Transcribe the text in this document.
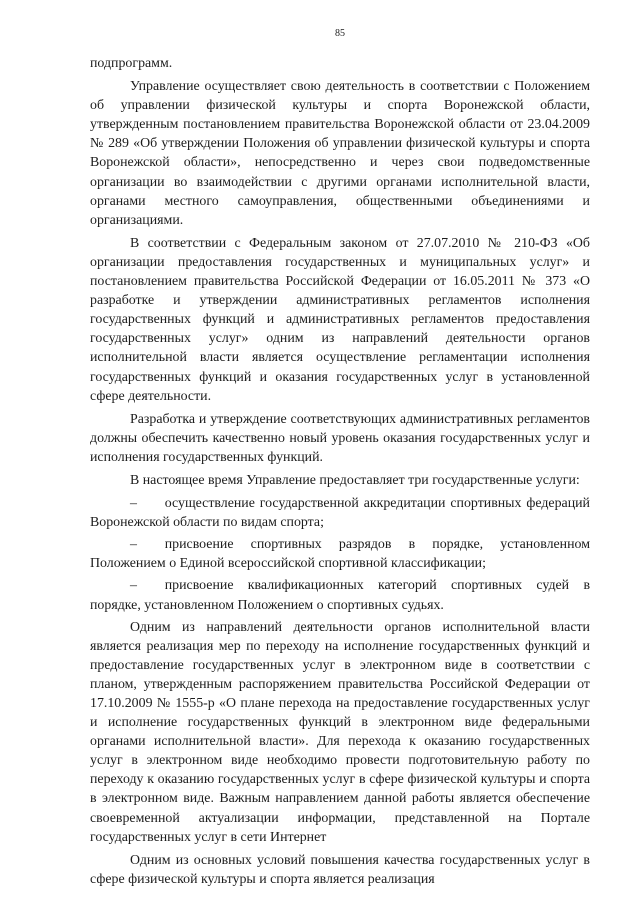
85

подпрограмм.

Управление осуществляет свою деятельность в соответствии с Положением об управлении физической культуры и спорта Воронежской области, утвержденным постановлением правительства Воронежской области от 23.04.2009 № 289 «Об утверждении Положения об управлении физической культуры и спорта Воронежской области», непосредственно и через свои подведомственные организации во взаимодействии с другими органами исполнительной власти, органами местного самоуправления, общественными объединениями и организациями.

В соответствии с Федеральным законом от 27.07.2010 № 210-ФЗ «Об организации предоставления государственных и муниципальных услуг» и постановлением правительства Российской Федерации от 16.05.2011 № 373 «О разработке и утверждении административных регламентов исполнения государственных функций и административных регламентов предоставления государственных услуг» одним из направлений деятельности органов исполнительной власти является осуществление регламентации исполнения государственных функций и оказания государственных услуг в установленной сфере деятельности.

Разработка и утверждение соответствующих административных регламентов должны обеспечить качественно новый уровень оказания государственных услуг и исполнения государственных функций.

В настоящее время Управление предоставляет три государственные услуги:

–  осуществление государственной аккредитации спортивных федераций Воронежской области по видам спорта;

–  присвоение спортивных разрядов в порядке, установленном Положением о Единой всероссийской спортивной классификации;

–  присвоение квалификационных категорий спортивных судей в порядке, установленном Положением о спортивных судьях.

Одним из направлений деятельности органов исполнительной власти является реализация мер по переходу на исполнение государственных функций и предоставление государственных услуг в электронном виде в соответствии с планом, утвержденным распоряжением правительства Российской Федерации от 17.10.2009 № 1555-р «О плане перехода на предоставление государственных услуг и исполнение государственных функций в электронном виде федеральными органами исполнительной власти». Для перехода к оказанию государственных услуг в электронном виде необходимо провести подготовительную работу по переходу к оказанию государственных услуг в сфере физической культуры и спорта в электронном виде. Важным направлением данной работы является обеспечение своевременной актуализации информации, представленной на Портале государственных услуг в сети Интернет

Одним из основных условий повышения качества государственных услуг в сфере физической культуры и спорта является реализация
